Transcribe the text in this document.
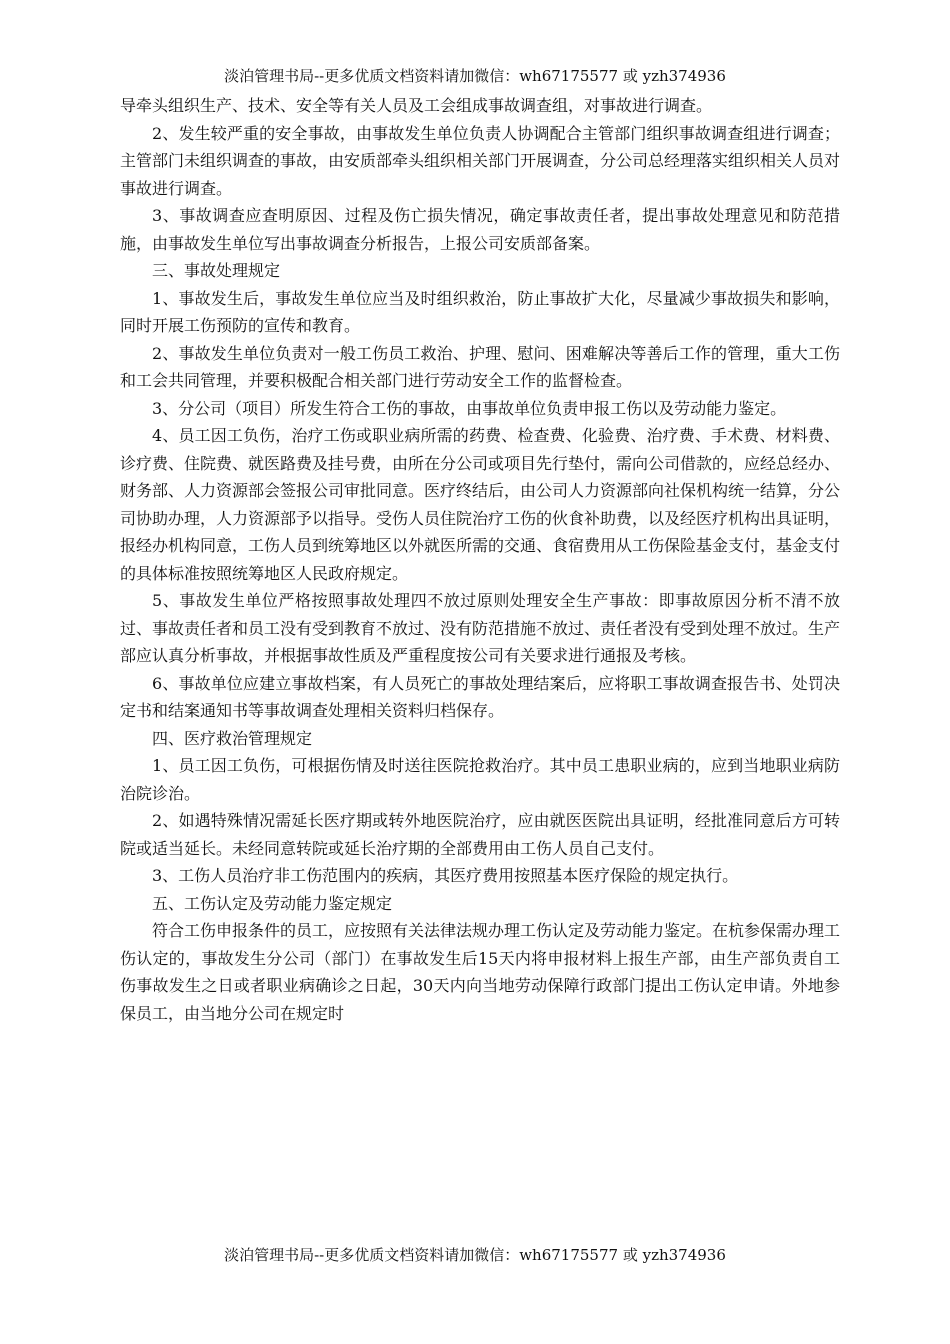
淡泊管理书局--更多优质文档资料请加微信：wh67175577 或 yzh374936

导牵头组织生产、技术、安全等有关人员及工会组成事故调查组，对事故进行调查。

2、发生较严重的安全事故，由事故发生单位负责人协调配合主管部门组织事故调查组进行调查；主管部门未组织调查的事故，由安质部牵头组织相关部门开展调查，分公司总经理落实组织相关人员对事故进行调查。

3、事故调查应查明原因、过程及伤亡损失情况，确定事故责任者，提出事故处理意见和防范措施，由事故发生单位写出事故调查分析报告，上报公司安质部备案。

三、事故处理规定

1、事故发生后，事故发生单位应当及时组织救治，防止事故扩大化，尽量减少事故损失和影响，同时开展工伤预防的宣传和教育。

2、事故发生单位负责对一般工伤员工救治、护理、慰问、困难解决等善后工作的管理，重大工伤和工会共同管理，并要积极配合相关部门进行劳动安全工作的监督检查。

3、分公司（项目）所发生符合工伤的事故，由事故单位负责申报工伤以及劳动能力鉴定。

4、员工因工负伤，治疗工伤或职业病所需的药费、检查费、化验费、治疗费、手术费、材料费、诊疗费、住院费、就医路费及挂号费，由所在分公司或项目先行垫付，需向公司借款的，应经总经办、财务部、人力资源部会签报公司审批同意。医疗终结后，由公司人力资源部向社保机构统一结算，分公司协助办理，人力资源部予以指导。受伤人员住院治疗工伤的伙食补助费，以及经医疗机构出具证明，报经办机构同意，工伤人员到统筹地区以外就医所需的交通、食宿费用从工伤保险基金支付，基金支付的具体标准按照统筹地区人民政府规定。

5、事故发生单位严格按照事故处理四不放过原则处理安全生产事故：即事故原因分析不清不放过、事故责任者和员工没有受到教育不放过、没有防范措施不放过、责任者没有受到处理不放过。生产部应认真分析事故，并根据事故性质及严重程度按公司有关要求进行通报及考核。

6、事故单位应建立事故档案，有人员死亡的事故处理结案后，应将职工事故调查报告书、处罚决定书和结案通知书等事故调查处理相关资料归档保存。

四、医疗救治管理规定

1、员工因工负伤，可根据伤情及时送往医院抢救治疗。其中员工患职业病的，应到当地职业病防治院诊治。

2、如遇特殊情况需延长医疗期或转外地医院治疗，应由就医医院出具证明，经批准同意后方可转院或适当延长。未经同意转院或延长治疗期的全部费用由工伤人员自己支付。

3、工伤人员治疗非工伤范围内的疾病，其医疗费用按照基本医疗保险的规定执行。

五、工伤认定及劳动能力鉴定规定

符合工伤申报条件的员工，应按照有关法律法规办理工伤认定及劳动能力鉴定。在杭参保需办理工伤认定的，事故发生分公司（部门）在事故发生后15天内将申报材料上报生产部，由生产部负责自工伤事故发生之日或者职业病确诊之日起，30天内向当地劳动保障行政部门提出工伤认定申请。外地参保员工，由当地分公司在规定时

淡泊管理书局--更多优质文档资料请加微信：wh67175577 或 yzh374936
